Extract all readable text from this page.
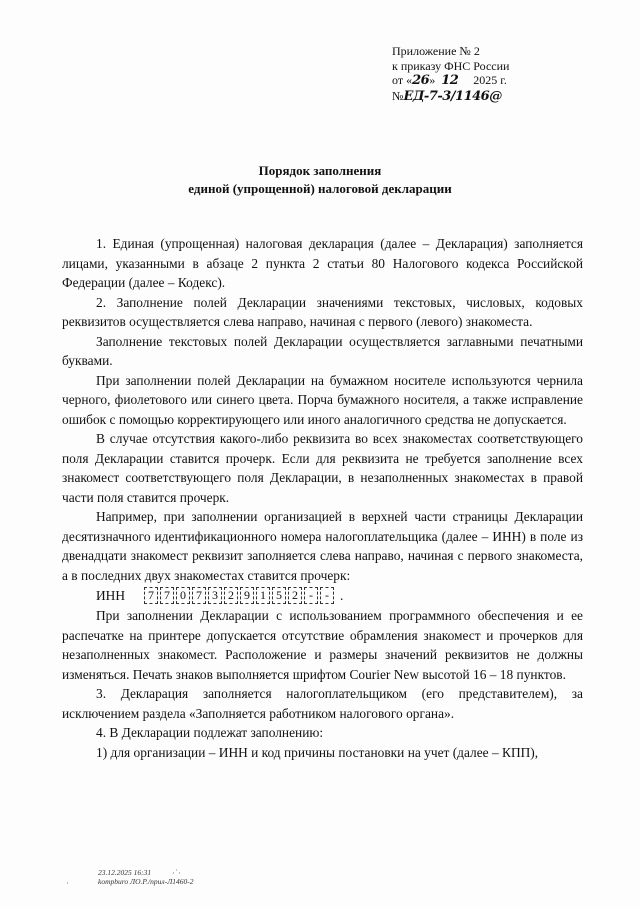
Приложение № 2
к приказу ФНС России
от «26» 12 2025 г.
№ЕД-7-3/1146@
Порядок заполнения
единой (упрощенной) налоговой декларации

1. Единая (упрощенная) налоговая декларация (далее – Декларация) заполняется лицами, указанными в абзаце 2 пункта 2 статьи 80 Налогового кодекса Российской Федерации (далее – Кодекс).

2. Заполнение полей Декларации значениями текстовых, числовых, кодовых реквизитов осуществляется слева направо, начиная с первого (левого) знакоместа.

Заполнение текстовых полей Декларации осуществляется заглавными печатными буквами.

При заполнении полей Декларации на бумажном носителе используются чернила черного, фиолетового или синего цвета. Порча бумажного носителя, а также исправление ошибок с помощью корректирующего или иного аналогичного средства не допускается.

В случае отсутствия какого-либо реквизита во всех знакоместах соответствующего поля Декларации ставится прочерк. Если для реквизита не требуется заполнение всех знакомест соответствующего поля Декларации, в незаполненных знакоместах в правой части поля ставится прочерк.

Например, при заполнении организацией в верхней части страницы Декларации десятизначного идентификационного номера налогоплательщика (далее – ИНН) в поле из двенадцати знакомест реквизит заполняется слева направо, начиная с первого знакоместа, а в последних двух знакоместах ставится прочерк:

ИНН	7 7 0 7 3 2 9 1 5 2 -	- .

При заполнении Декларации с использованием программного обеспечения и ее распечатке на принтере допускается отсутствие обрамления знакомест и прочерков для незаполненных знакомест. Расположение и размеры значений реквизитов не должны изменяться. Печать знаков выполняется шрифтом Courier New высотой 16 – 18 пунктов.

3. Декларация заполняется налогоплательщиком (его представителем), за исключением раздела «Заполняется работником налогового органа».

4. В Декларации подлежат заполнению:

1) для организации – ИНН и код причины постановки на учет (далее – КПП),

·˙·
·
23.12.2025 16:31
kompburo ЛО.Р./прил-Л1460-2
